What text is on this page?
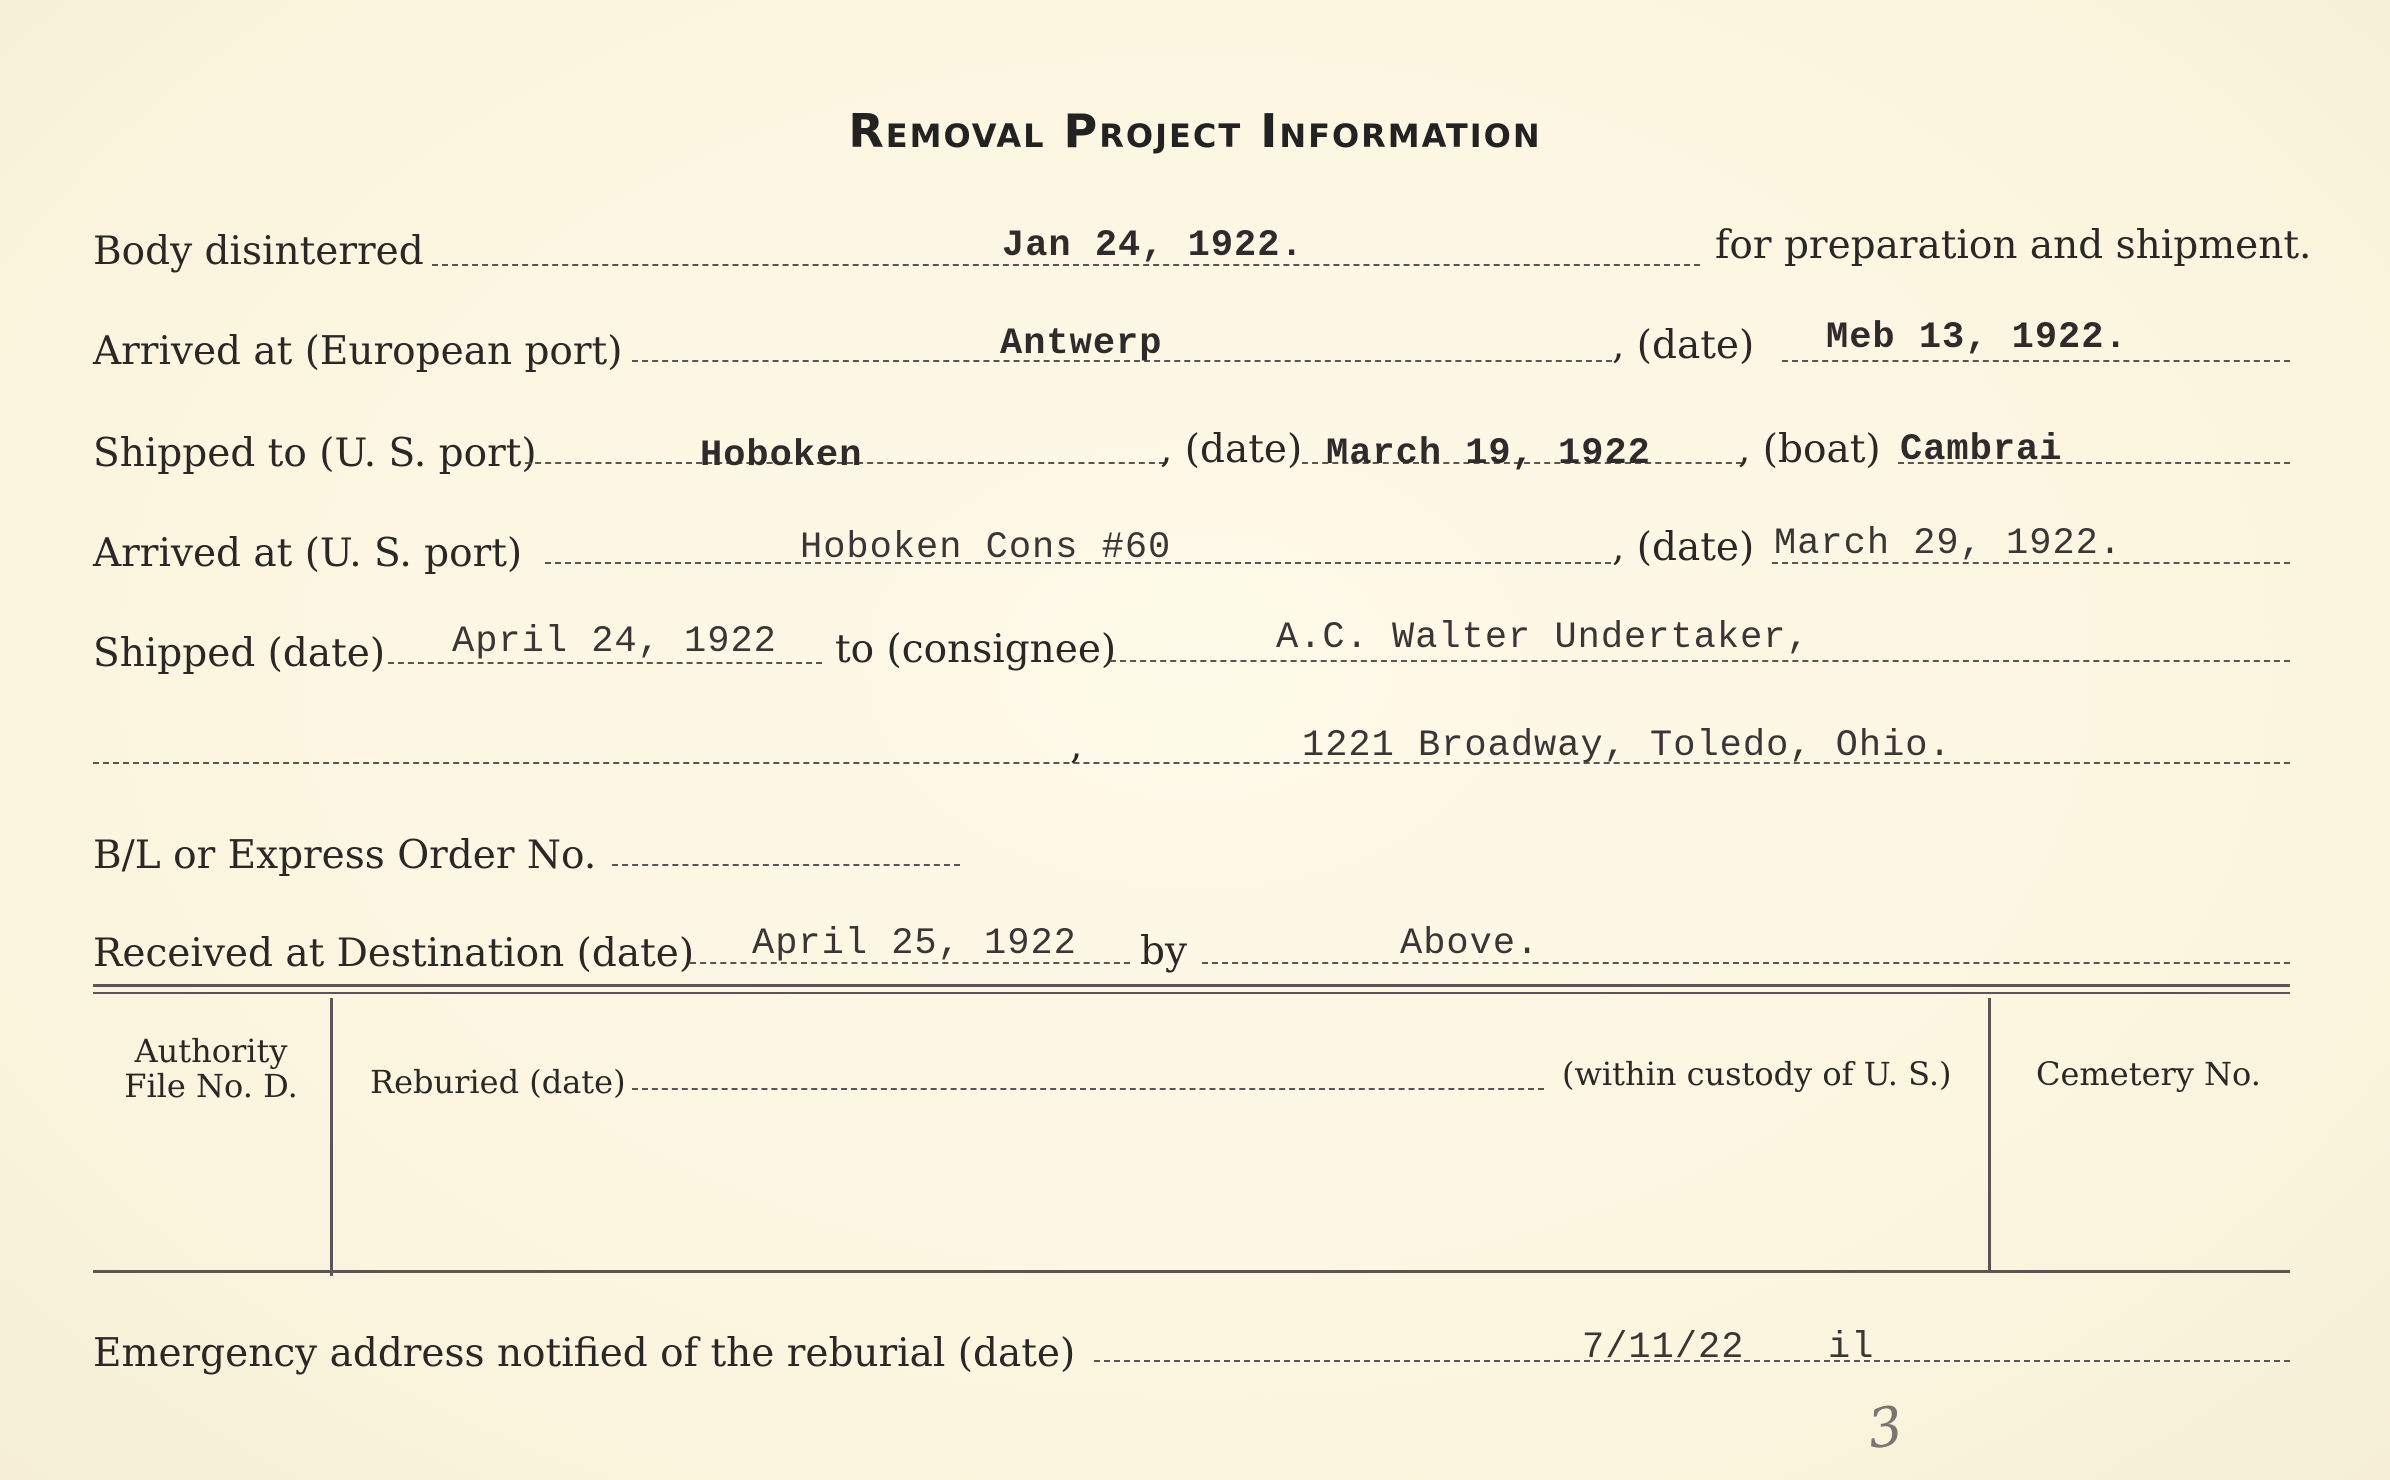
Removal Project Information
Body disinterred	Jan 24, 1922.	for preparation and shipment.
Arrived at (European port)	Antwerp	, (date) Meb 13, 1922.
Shipped to (U. S. port)	Hoboken	, (date) March 19, 1922 , (boat) Cambrai
Arrived at (U. S. port)	Hoboken Cons #60	, (date) March 29, 1922.
Shipped (date) April 24, 1922 to (consignee)	A.C. Walter Undertaker,
,	1221 Broadway, Toledo, Ohio.
B/L or Express Order No.
Received at Destination (date) April 25, 1922 by	Above.
Authority
File No. D.	Reburied (date)	(within custody of U. S.)	Cemetery No.
Emergency address notified of the reburial (date)	7/11/22 il
3
